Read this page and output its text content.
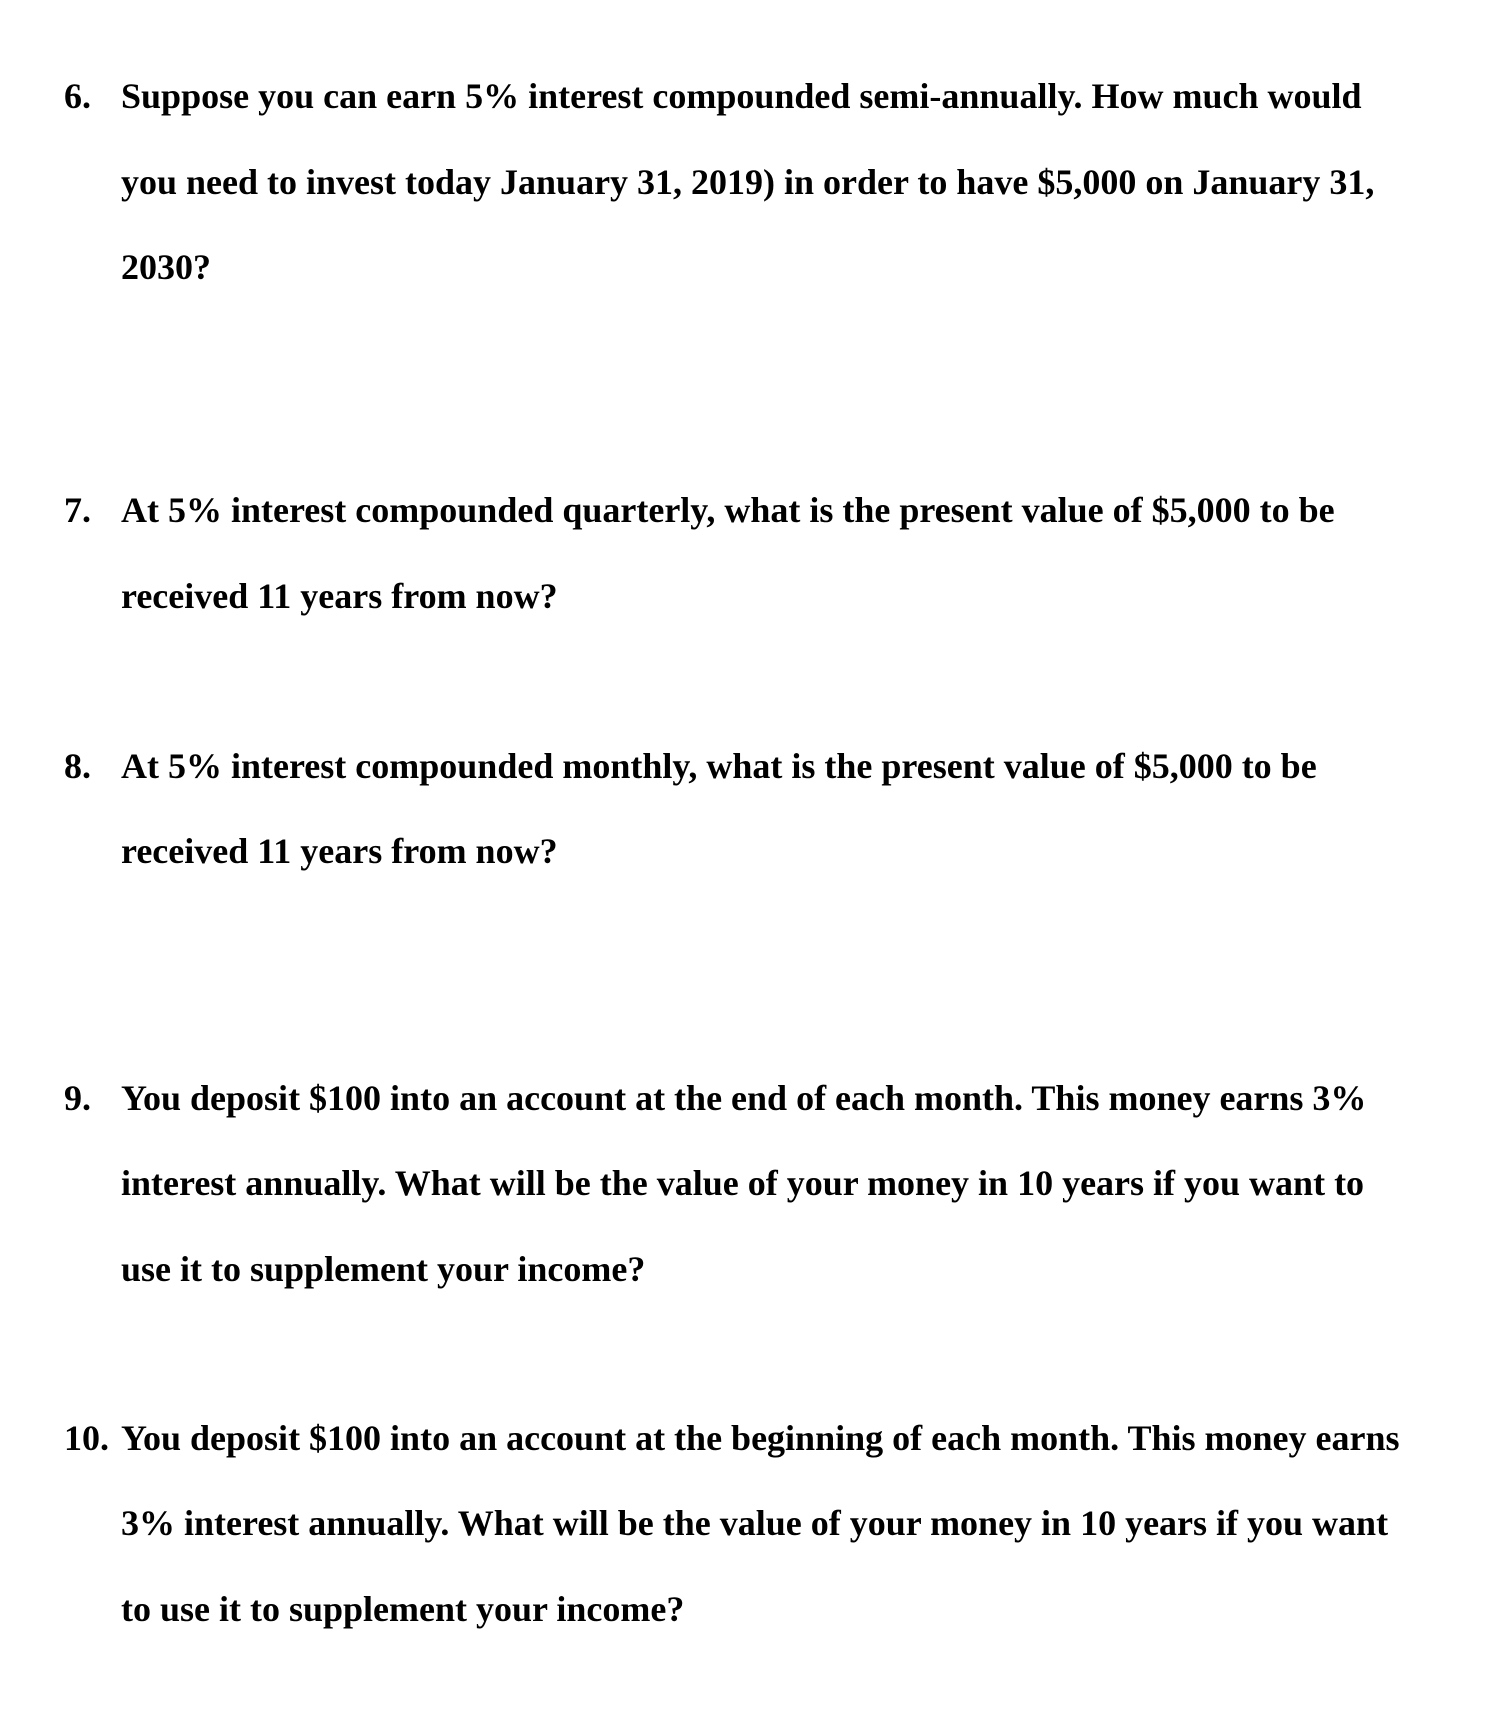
6. Suppose you can earn 5% interest compounded semi-annually. How much would
you need to invest today January 31, 2019) in order to have $5,000 on January 31,
2030?
7. At 5% interest compounded quarterly, what is the present value of $5,000 to be
received 11 years from now?
8. At 5% interest compounded monthly, what is the present value of $5,000 to be
received 11 years from now?
9. You deposit $100 into an account at the end of each month. This money earns 3%
interest annually. What will be the value of your money in 10 years if you want to
use it to supplement your income?
10. You deposit $100 into an account at the beginning of each month. This money earns
3% interest annually. What will be the value of your money in 10 years if you want
to use it to supplement your income?
